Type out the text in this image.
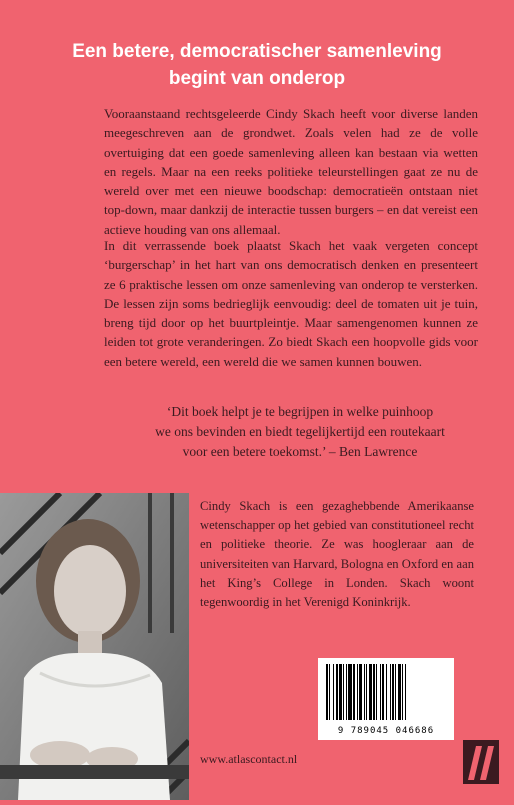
Een betere, democratischer samenleving
begint van onderop

Vooraanstaand rechtsgeleerde Cindy Skach heeft voor diverse landen meegeschreven aan de grondwet. Zoals velen had ze de volle overtuiging dat een goede samenleving alleen kan bestaan via wetten en regels. Maar na een reeks politieke teleurstellingen gaat ze nu de wereld over met een nieuwe boodschap: democratieën ontstaan niet top-down, maar dankzij de interactie tussen burgers – en dat vereist een actieve houding van ons allemaal.

In dit verrassende boek plaatst Skach het vaak vergeten concept ‘burgerschap’ in het hart van ons democratisch denken en presenteert ze 6 praktische lessen om onze samenleving van onderop te versterken. De lessen zijn soms bedrieglijk eenvoudig: deel de tomaten uit je tuin, breng tijd door op het buurtpleintje. Maar samengenomen kunnen ze leiden tot grote veranderingen. Zo biedt Skach een hoopvolle gids voor een betere wereld, een wereld die we samen kunnen bouwen.

‘Dit boek helpt je te begrijpen in welke puinhoop
we ons bevinden en biedt tegelijkertijd een routekaart
voor een betere toekomst.’ – Ben Lawrence

Cindy Skach is een gezaghebbende Amerikaanse wetenschapper op het gebied van constitutioneel recht en politieke theorie. Ze was hoogleraar aan de universiteiten van Harvard, Bologna en Oxford en aan het King’s College in Londen. Skach woont tegenwoordig in het Verenigd Koninkrijk.

9 789045 046686
www.atlascontact.nl
